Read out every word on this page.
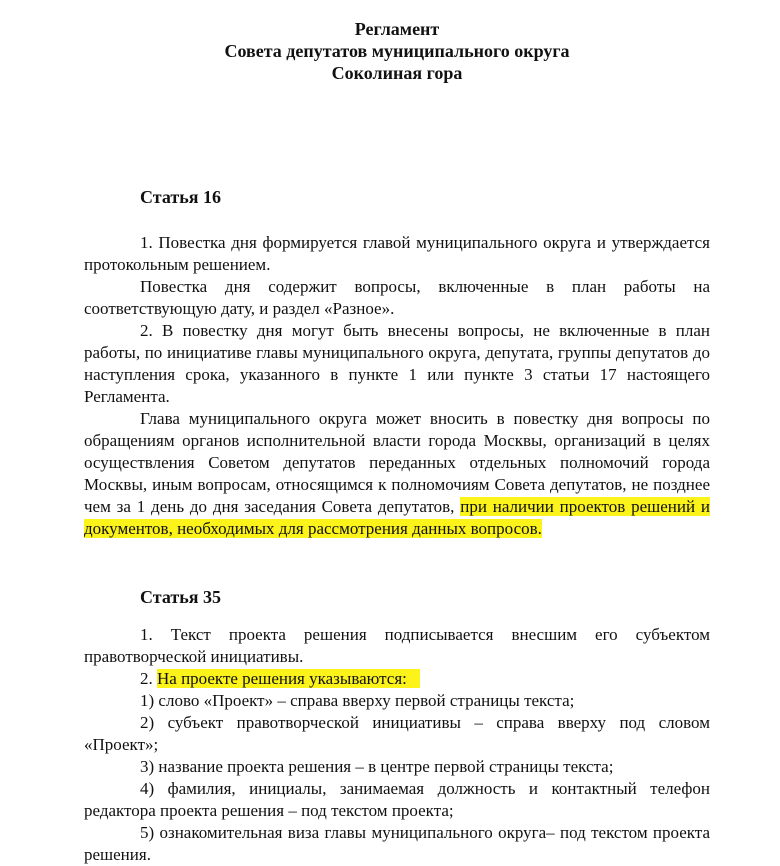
Регламент
Совета депутатов муниципального округа
Соколиная гора
Статья 16

1. Повестка дня формируется главой муниципального округа и утверждается протокольным решением.

Повестка дня содержит вопросы, включенные в план работы на соответствующую дату, и раздел «Разное».

2. В повестку дня могут быть внесены вопросы, не включенные в план работы, по инициативе главы муниципального округа, депутата, группы депутатов до наступления срока, указанного в пункте 1 или пункте 3 статьи 17 настоящего Регламента.

Глава муниципального округа может вносить в повестку дня вопросы по обращениям органов исполнительной власти города Москвы, организаций в целях осуществления Советом депутатов переданных отдельных полномочий города Москвы, иным вопросам, относящимся к полномочиям Совета депутатов, не позднее чем за 1 день до дня заседания Совета депутатов, при наличии проектов решений и документов, необходимых для рассмотрения данных вопросов.

Статья 35

1. Текст проекта решения подписывается внесшим его субъектом правотворческой инициативы.

2. На проекте решения указываются:

1) слово «Проект» – справа вверху первой страницы текста;

2) субъект правотворческой инициативы – справа вверху под словом «Проект»;

3) название проекта решения – в центре первой страницы текста;

4) фамилия, инициалы, занимаемая должность и контактный телефон редактора проекта решения – под текстом проекта;

5) ознакомительная виза главы муниципального округа– под текстом проекта решения.
